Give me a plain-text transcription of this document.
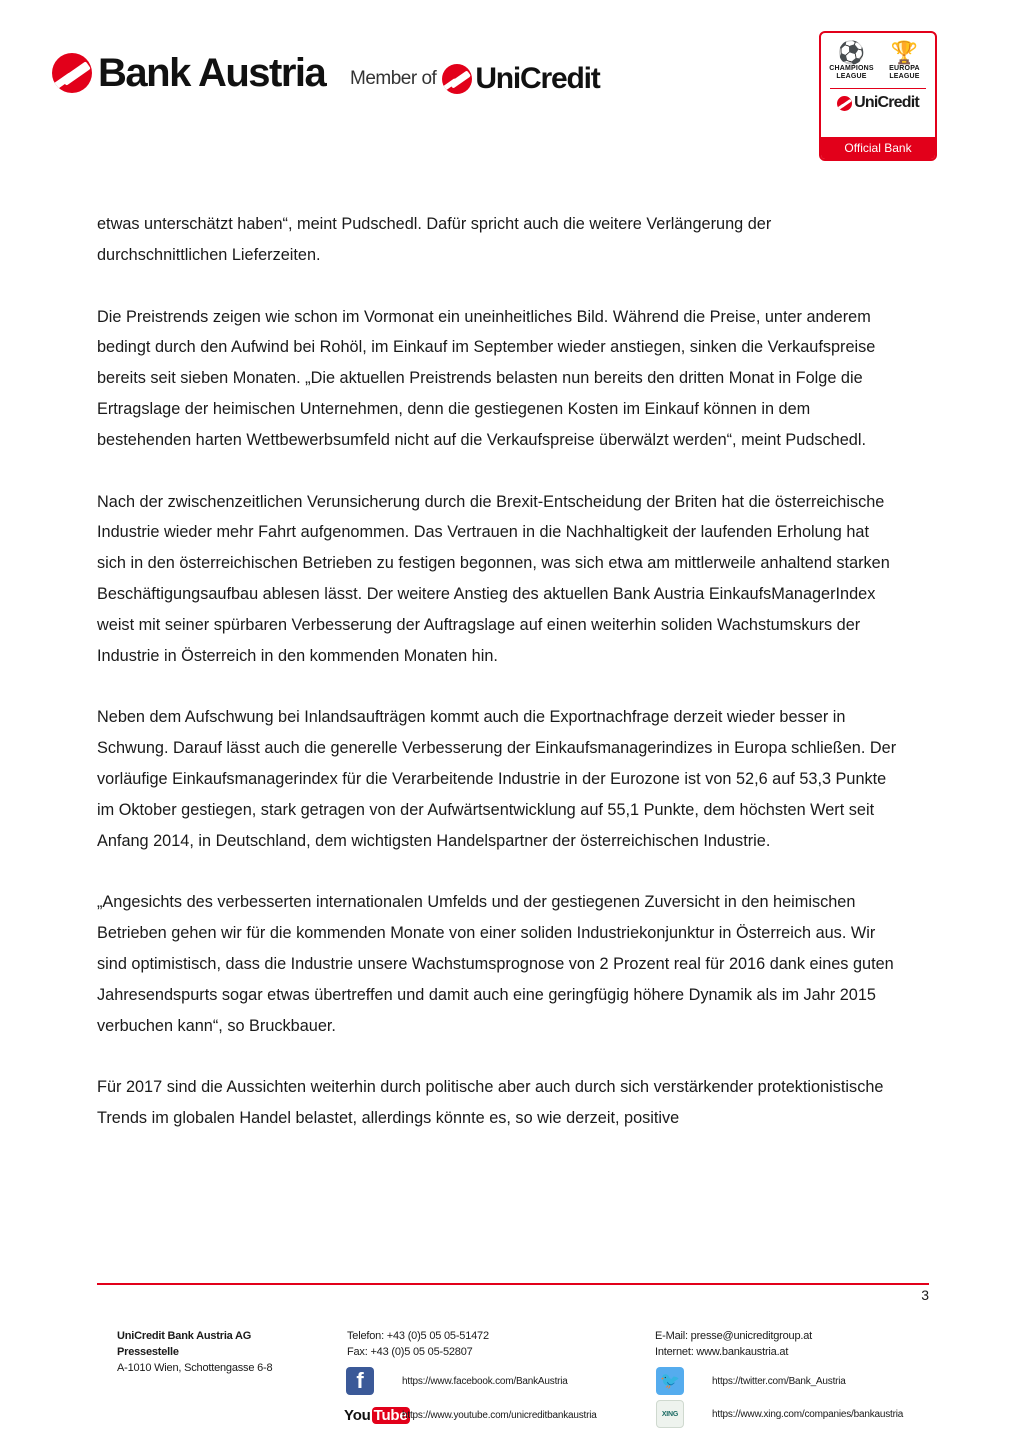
Bank Austria Member of UniCredit
⚽
CHAMPIONS LEAGUE
🏆
EUROPA LEAGUE
UniCredit
Official Bank

etwas unterschätzt haben“, meint Pudschedl. Dafür spricht auch die weitere Verlängerung der durchschnittlichen Lieferzeiten.

Die Preistrends zeigen wie schon im Vormonat ein uneinheitliches Bild. Während die Preise, unter anderem bedingt durch den Aufwind bei Rohöl, im Einkauf im September wieder anstiegen, sinken die Verkaufspreise bereits seit sieben Monaten. „Die aktuellen Preistrends belasten nun bereits den dritten Monat in Folge die Ertragslage der heimischen Unternehmen, denn die gestiegenen Kosten im Einkauf können in dem bestehenden harten Wettbewerbsumfeld nicht auf die Verkaufspreise überwälzt werden“, meint Pudschedl.

Nach der zwischenzeitlichen Verunsicherung durch die Brexit-Entscheidung der Briten hat die österreichische Industrie wieder mehr Fahrt aufgenommen. Das Vertrauen in die Nachhaltigkeit der laufenden Erholung hat sich in den österreichischen Betrieben zu festigen begonnen, was sich etwa am mittlerweile anhaltend starken Beschäftigungsaufbau ablesen lässt. Der weitere Anstieg des aktuellen Bank Austria EinkaufsManagerIndex weist mit seiner spürbaren Verbesserung der Auftragslage auf einen weiterhin soliden Wachstumskurs der Industrie in Österreich in den kommenden Monaten hin.

Neben dem Aufschwung bei Inlandsaufträgen kommt auch die Exportnachfrage derzeit wieder besser in Schwung. Darauf lässt auch die generelle Verbesserung der Einkaufsmanagerindizes in Europa schließen. Der vorläufige Einkaufsmanagerindex für die Verarbeitende Industrie in der Eurozone ist von 52,6 auf 53,3 Punkte im Oktober gestiegen, stark getragen von der Aufwärtsentwicklung auf 55,1 Punkte, dem höchsten Wert seit Anfang 2014, in Deutschland, dem wichtigsten Handelspartner der österreichischen Industrie.

„Angesichts des verbesserten internationalen Umfelds und der gestiegenen Zuversicht in den heimischen Betrieben gehen wir für die kommenden Monate von einer soliden Industriekonjunktur in Österreich aus. Wir sind optimistisch, dass die Industrie unsere Wachstumsprognose von 2 Prozent real für 2016 dank eines guten Jahresendspurts sogar etwas übertreffen und damit auch eine geringfügig höhere Dynamik als im Jahr 2015 verbuchen kann“, so Bruckbauer.

Für 2017 sind die Aussichten weiterhin durch politische aber auch durch sich verstärkender protektionistische Trends im globalen Handel belastet, allerdings könnte es, so wie derzeit, positive

3
UniCredit Bank Austria AG
Pressestelle
A-1010 Wien, Schottengasse 6-8
Telefon: +43 (0)5 05 05-51472
Fax: +43 (0)5 05 05-52807
E-Mail: presse@unicreditgroup.at
Internet: www.bankaustria.at
f	https://www.facebook.com/BankAustria
You Tube
https://www.youtube.com/unicreditbankaustria
🐦	https://twitter.com/Bank_Austria
XING	https://www.xing.com/companies/bankaustria
